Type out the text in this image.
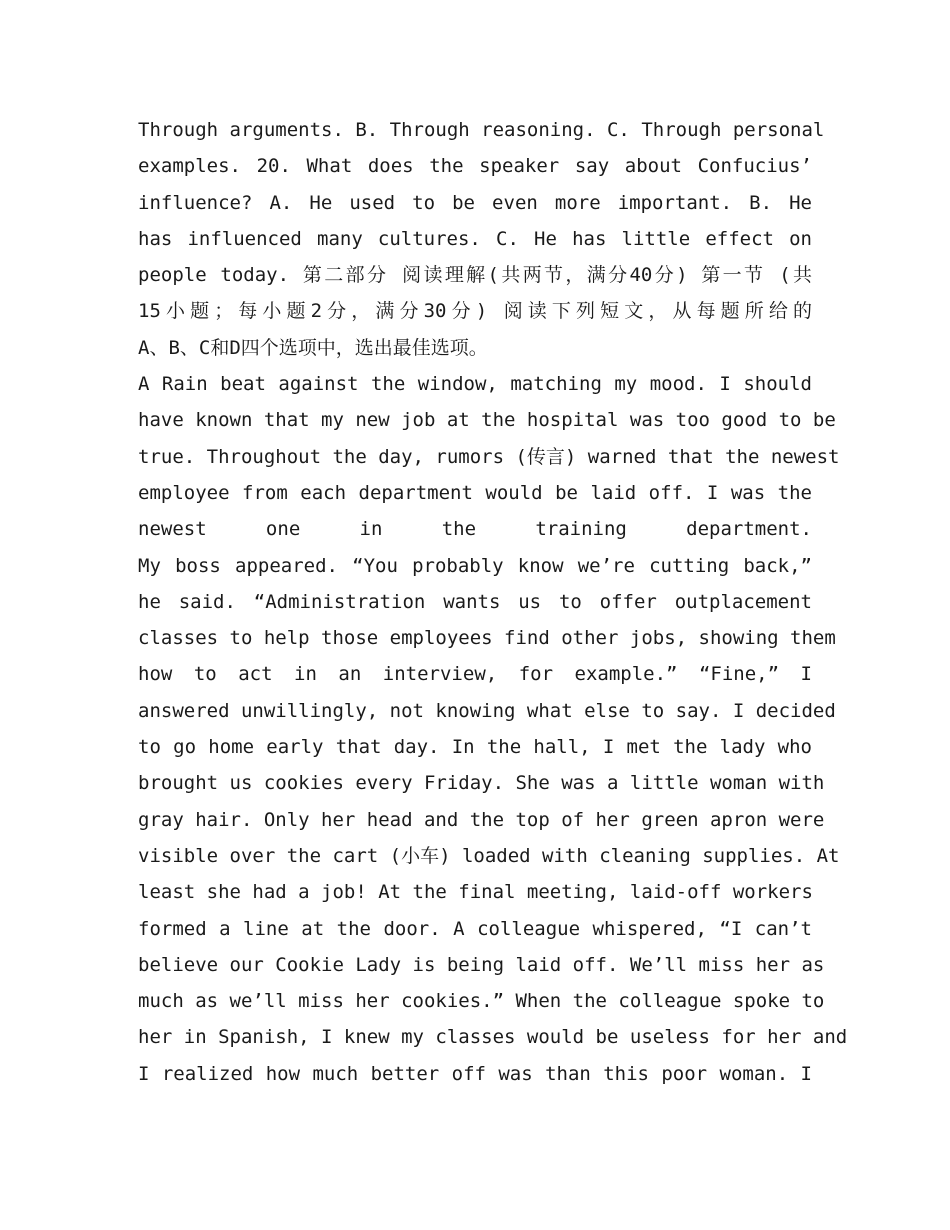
Through arguments. B. Through reasoning. C. Through personal
examples. 20. What does the speaker say about Confucius’
influence? A. He used to be even more important. B. He
has influenced many cultures. C. He has little effect on
people today. 第二部分 阅读理解(共两节，满分40分) 第一节 (共
15小题；每小题2分，满分30分) 阅读下列短文，从每题所给的
A、B、C和D四个选项中，选出最佳选项。
A Rain beat against the window, matching my mood. I should
have known that my new job at the hospital was too good to be
true. Throughout the day, rumors (传言) warned that the newest
employee from each department would be laid off. I was the
newest one in the training department.
My boss appeared. “You probably know we’re cutting back,”
he said. “Administration wants us to offer outplacement
classes to help those employees find other jobs, showing them
how to act in an interview, for example.” “Fine,” I
answered unwillingly, not knowing what else to say. I decided
to go home early that day. In the hall, I met the lady who
brought us cookies every Friday. She was a little woman with
gray hair. Only her head and the top of her green apron were
visible over the cart (小车) loaded with cleaning supplies. At
least she had a job! At the final meeting, laid-off workers
formed a line at the door. A colleague whispered, “I can’t
believe our Cookie Lady is being laid off. We’ll miss her as
much as we’ll miss her cookies.” When the colleague spoke to
her in Spanish, I knew my classes would be useless for her and
I realized how much better off was than this poor woman. I
